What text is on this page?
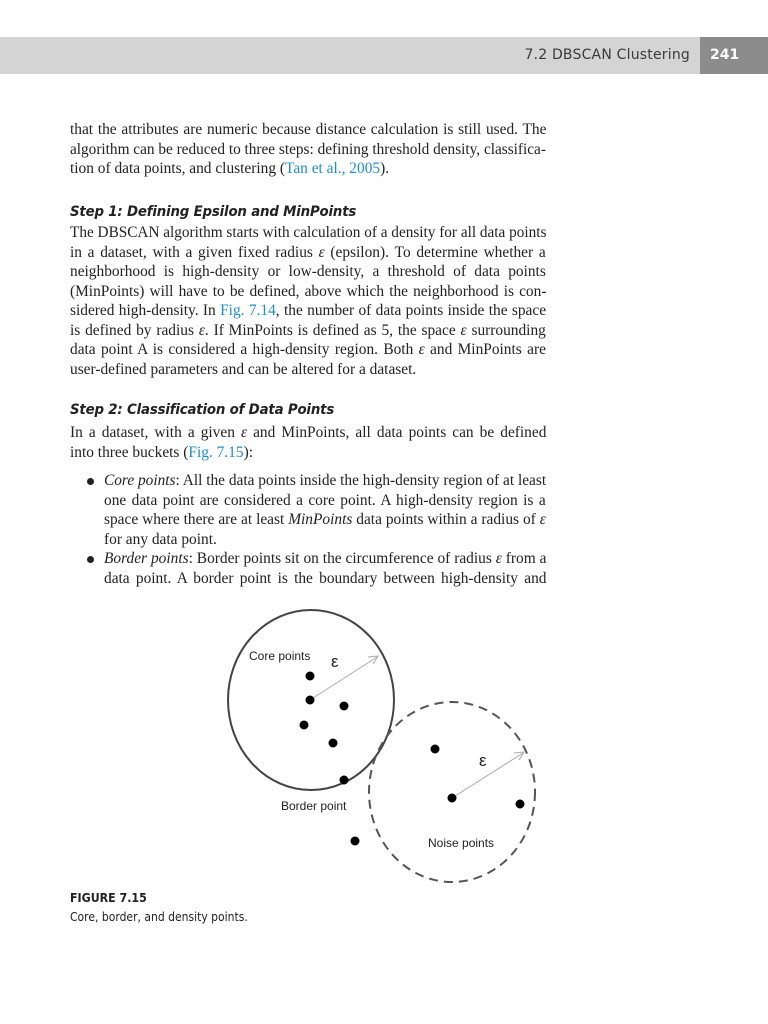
7.2 DBSCAN Clustering 241
that the attributes are numeric because distance calculation is still used. The
algorithm can be reduced to three steps: defining threshold density, classifica-
tion of data points, and clustering (Tan et al., 2005).
The DBSCAN algorithm starts with calculation of a density for all data points
in a dataset, with a given fixed radius ε (epsilon). To determine whether a
neighborhood is high-density or low-density, a threshold of data points
(MinPoints) will have to be defined, above which the neighborhood is con-
sidered high-density. In Fig. 7.14, the number of data points inside the space
is defined by radius ε. If MinPoints is defined as 5, the space ε surrounding
data point A is considered a high-density region. Both ε and MinPoints are
user-defined parameters and can be altered for a dataset.
In a dataset, with a given ε and MinPoints, all data points can be defined
into three buckets (Fig. 7.15):
Core points: All the data points inside the high-density region of at least
one data point are considered a core point. A high-density region is a
space where there are at least MinPoints data points within a radius of ε
for any data point.
Border points: Border points sit on the circumference of radius ε from a
data point. A border point is the boundary between high-density and
Step 1: Defining Epsilon and MinPoints
Step 2: Classification of Data Points
Core points ε
ε
Border point
Noise points
FIGURE 7.15
Core, border, and density points.
